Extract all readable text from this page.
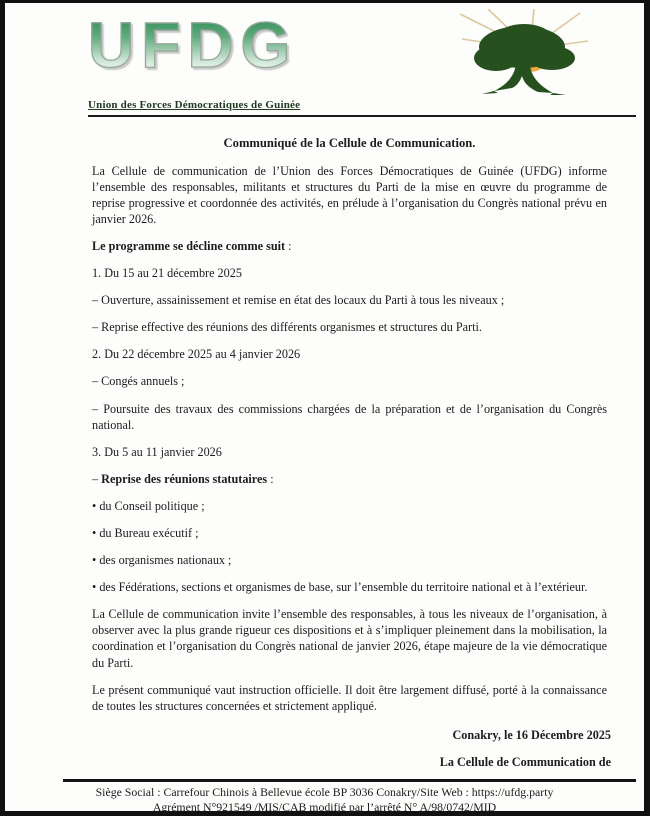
UFDG
Union des Forces Démocratiques de Guinée
Communiqué de la Cellule de Communication.

La Cellule de communication de l’Union des Forces Démocratiques de Guinée (UFDG) informe l’ensemble des responsables, militants et structures du Parti de la mise en œuvre du programme de reprise progressive et coordonnée des activités, en prélude à l’organisation du Congrès national prévu en janvier 2026.

Le programme se décline comme suit :
1. Du 15 au 21 décembre 2025
– Ouverture, assainissement et remise en état des locaux du Parti à tous les niveaux ;
– Reprise effective des réunions des différents organismes et structures du Parti.
2. Du 22 décembre 2025 au 4 janvier 2026
– Congés annuels ;

– Poursuite des travaux des commissions chargées de la préparation et de l’organisation du Congrès national.

3. Du 5 au 11 janvier 2026
– Reprise des réunions statutaires :
• du Conseil politique ;
• du Bureau exécutif ;
• des organismes nationaux ;
• des Fédérations, sections et organismes de base, sur l’ensemble du territoire national et à l’extérieur.

La Cellule de communication invite l’ensemble des responsables, à tous les niveaux de l’organisation, à observer avec la plus grande rigueur ces dispositions et à s’impliquer pleinement dans la mobilisation, la coordination et l’organisation du Congrès national de janvier 2026, étape majeure de la vie démocratique du Parti.

Le présent communiqué vaut instruction officielle. Il doit être largement diffusé, porté à la connaissance de toutes les structures concernées et strictement appliqué.

Conakry, le 16 Décembre 2025
La Cellule de Communication de
Siège Social : Carrefour Chinois à Bellevue école BP 3036 Conakry/Site Web : https://ufdg.party
Agrément N°921549 /MIS/CAB modifié par l’arrêté N° A/98/0742/MID
